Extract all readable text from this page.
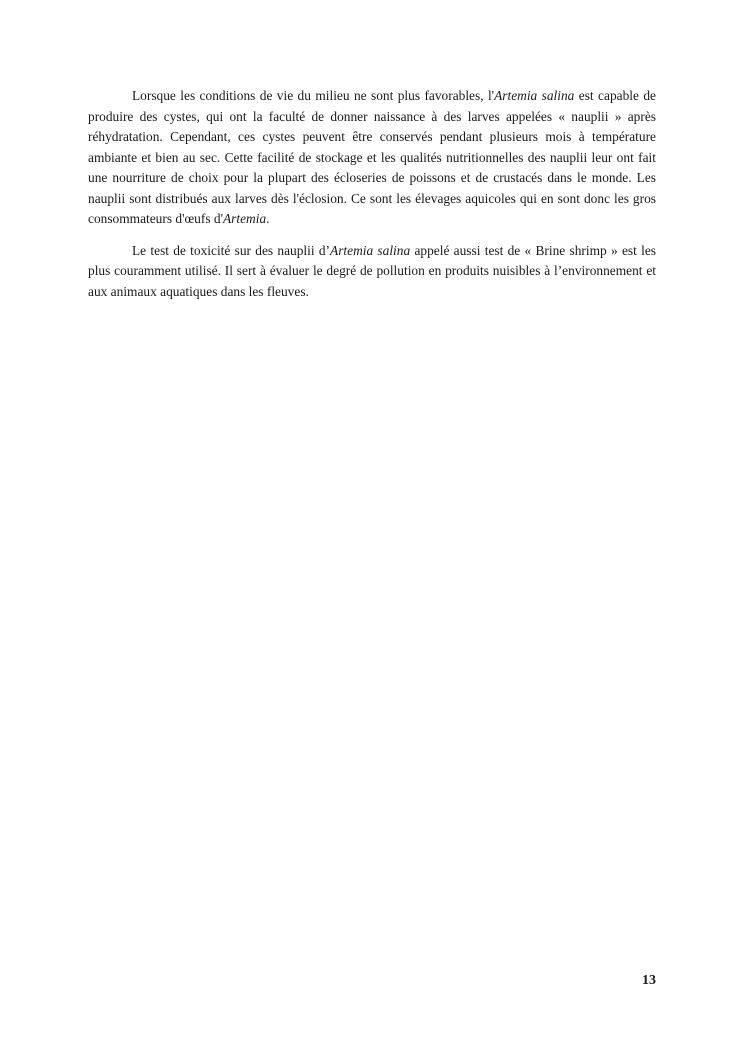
Lorsque les conditions de vie du milieu ne sont plus favorables, l'Artemia salina est capable de produire des cystes, qui ont la faculté de donner naissance à des larves appelées « nauplii » après réhydratation. Cependant, ces cystes peuvent être conservés pendant plusieurs mois à température ambiante et bien au sec. Cette facilité de stockage et les qualités nutritionnelles des nauplii leur ont fait une nourriture de choix pour la plupart des écloseries de poissons et de crustacés dans le monde. Les nauplii sont distribués aux larves dès l'éclosion. Ce sont les élevages aquicoles qui en sont donc les gros consommateurs d'œufs d'Artemia.

Le test de toxicité sur des nauplii d’Artemia salina appelé aussi test de « Brine shrimp » est les plus couramment utilisé. Il sert à évaluer le degré de pollution en produits nuisibles à l’environnement et aux animaux aquatiques dans les fleuves.

13
